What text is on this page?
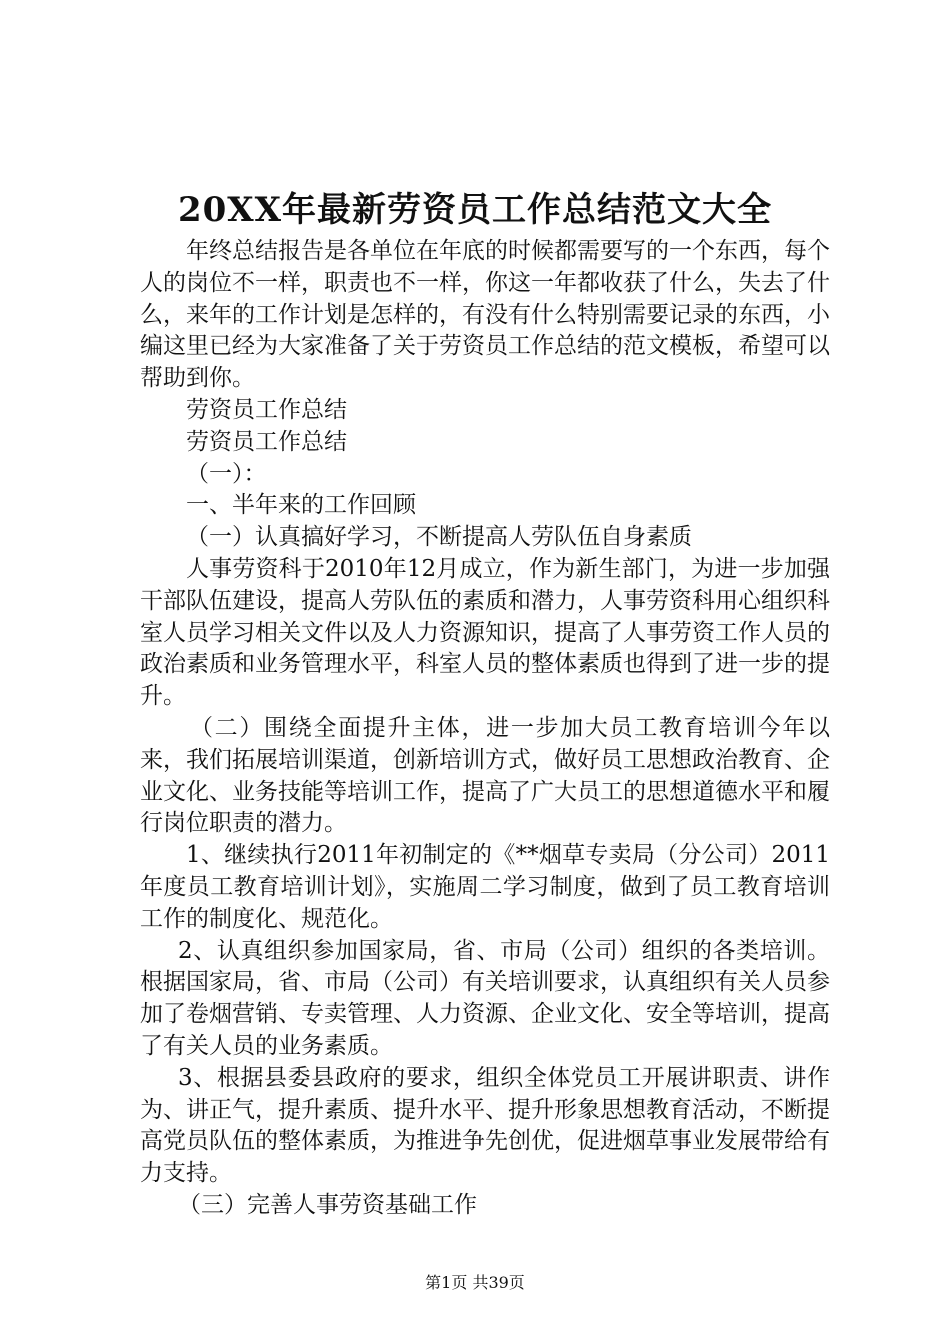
20XX年最新劳资员工作总结范文大全

年终总结报告是各单位在年底的时候都需要写的一个东西，每个人的岗位不一样，职责也不一样，你这一年都收获了什么，失去了什么，来年的工作计划是怎样的，有没有什么特别需要记录的东西，小编这里已经为大家准备了关于劳资员工作总结的范文模板，希望可以帮助到你。

劳资员工作总结

劳资员工作总结

（一）：

一、半年来的工作回顾

（一）认真搞好学习，不断提高人劳队伍自身素质

人事劳资科于2010年12月成立，作为新生部门，为进一步加强干部队伍建设，提高人劳队伍的素质和潜力，人事劳资科用心组织科室人员学习相关文件以及人力资源知识，提高了人事劳资工作人员的政治素质和业务管理水平，科室人员的整体素质也得到了进一步的提升。

（二）围绕全面提升主体，进一步加大员工教育培训今年以来，我们拓展培训渠道，创新培训方式，做好员工思想政治教育、企业文化、业务技能等培训工作，提高了广大员工的思想道德水平和履行岗位职责的潜力。

1、继续执行2011年初制定的《**烟草专卖局（分公司）2011年度员工教育培训计划》，实施周二学习制度，做到了员工教育培训工作的制度化、规范化。

2、认真组织参加国家局，省、市局（公司）组织的各类培训。根据国家局，省、市局（公司）有关培训要求，认真组织有关人员参加了卷烟营销、专卖管理、人力资源、企业文化、安全等培训，提高了有关人员的业务素质。

3、根据县委县政府的要求，组织全体党员工开展讲职责、讲作为、讲正气，提升素质、提升水平、提升形象思想教育活动，不断提高党员队伍的整体素质，为推进争先创优，促进烟草事业发展带给有力支持。

（三）完善人事劳资基础工作

第1页 共39页
